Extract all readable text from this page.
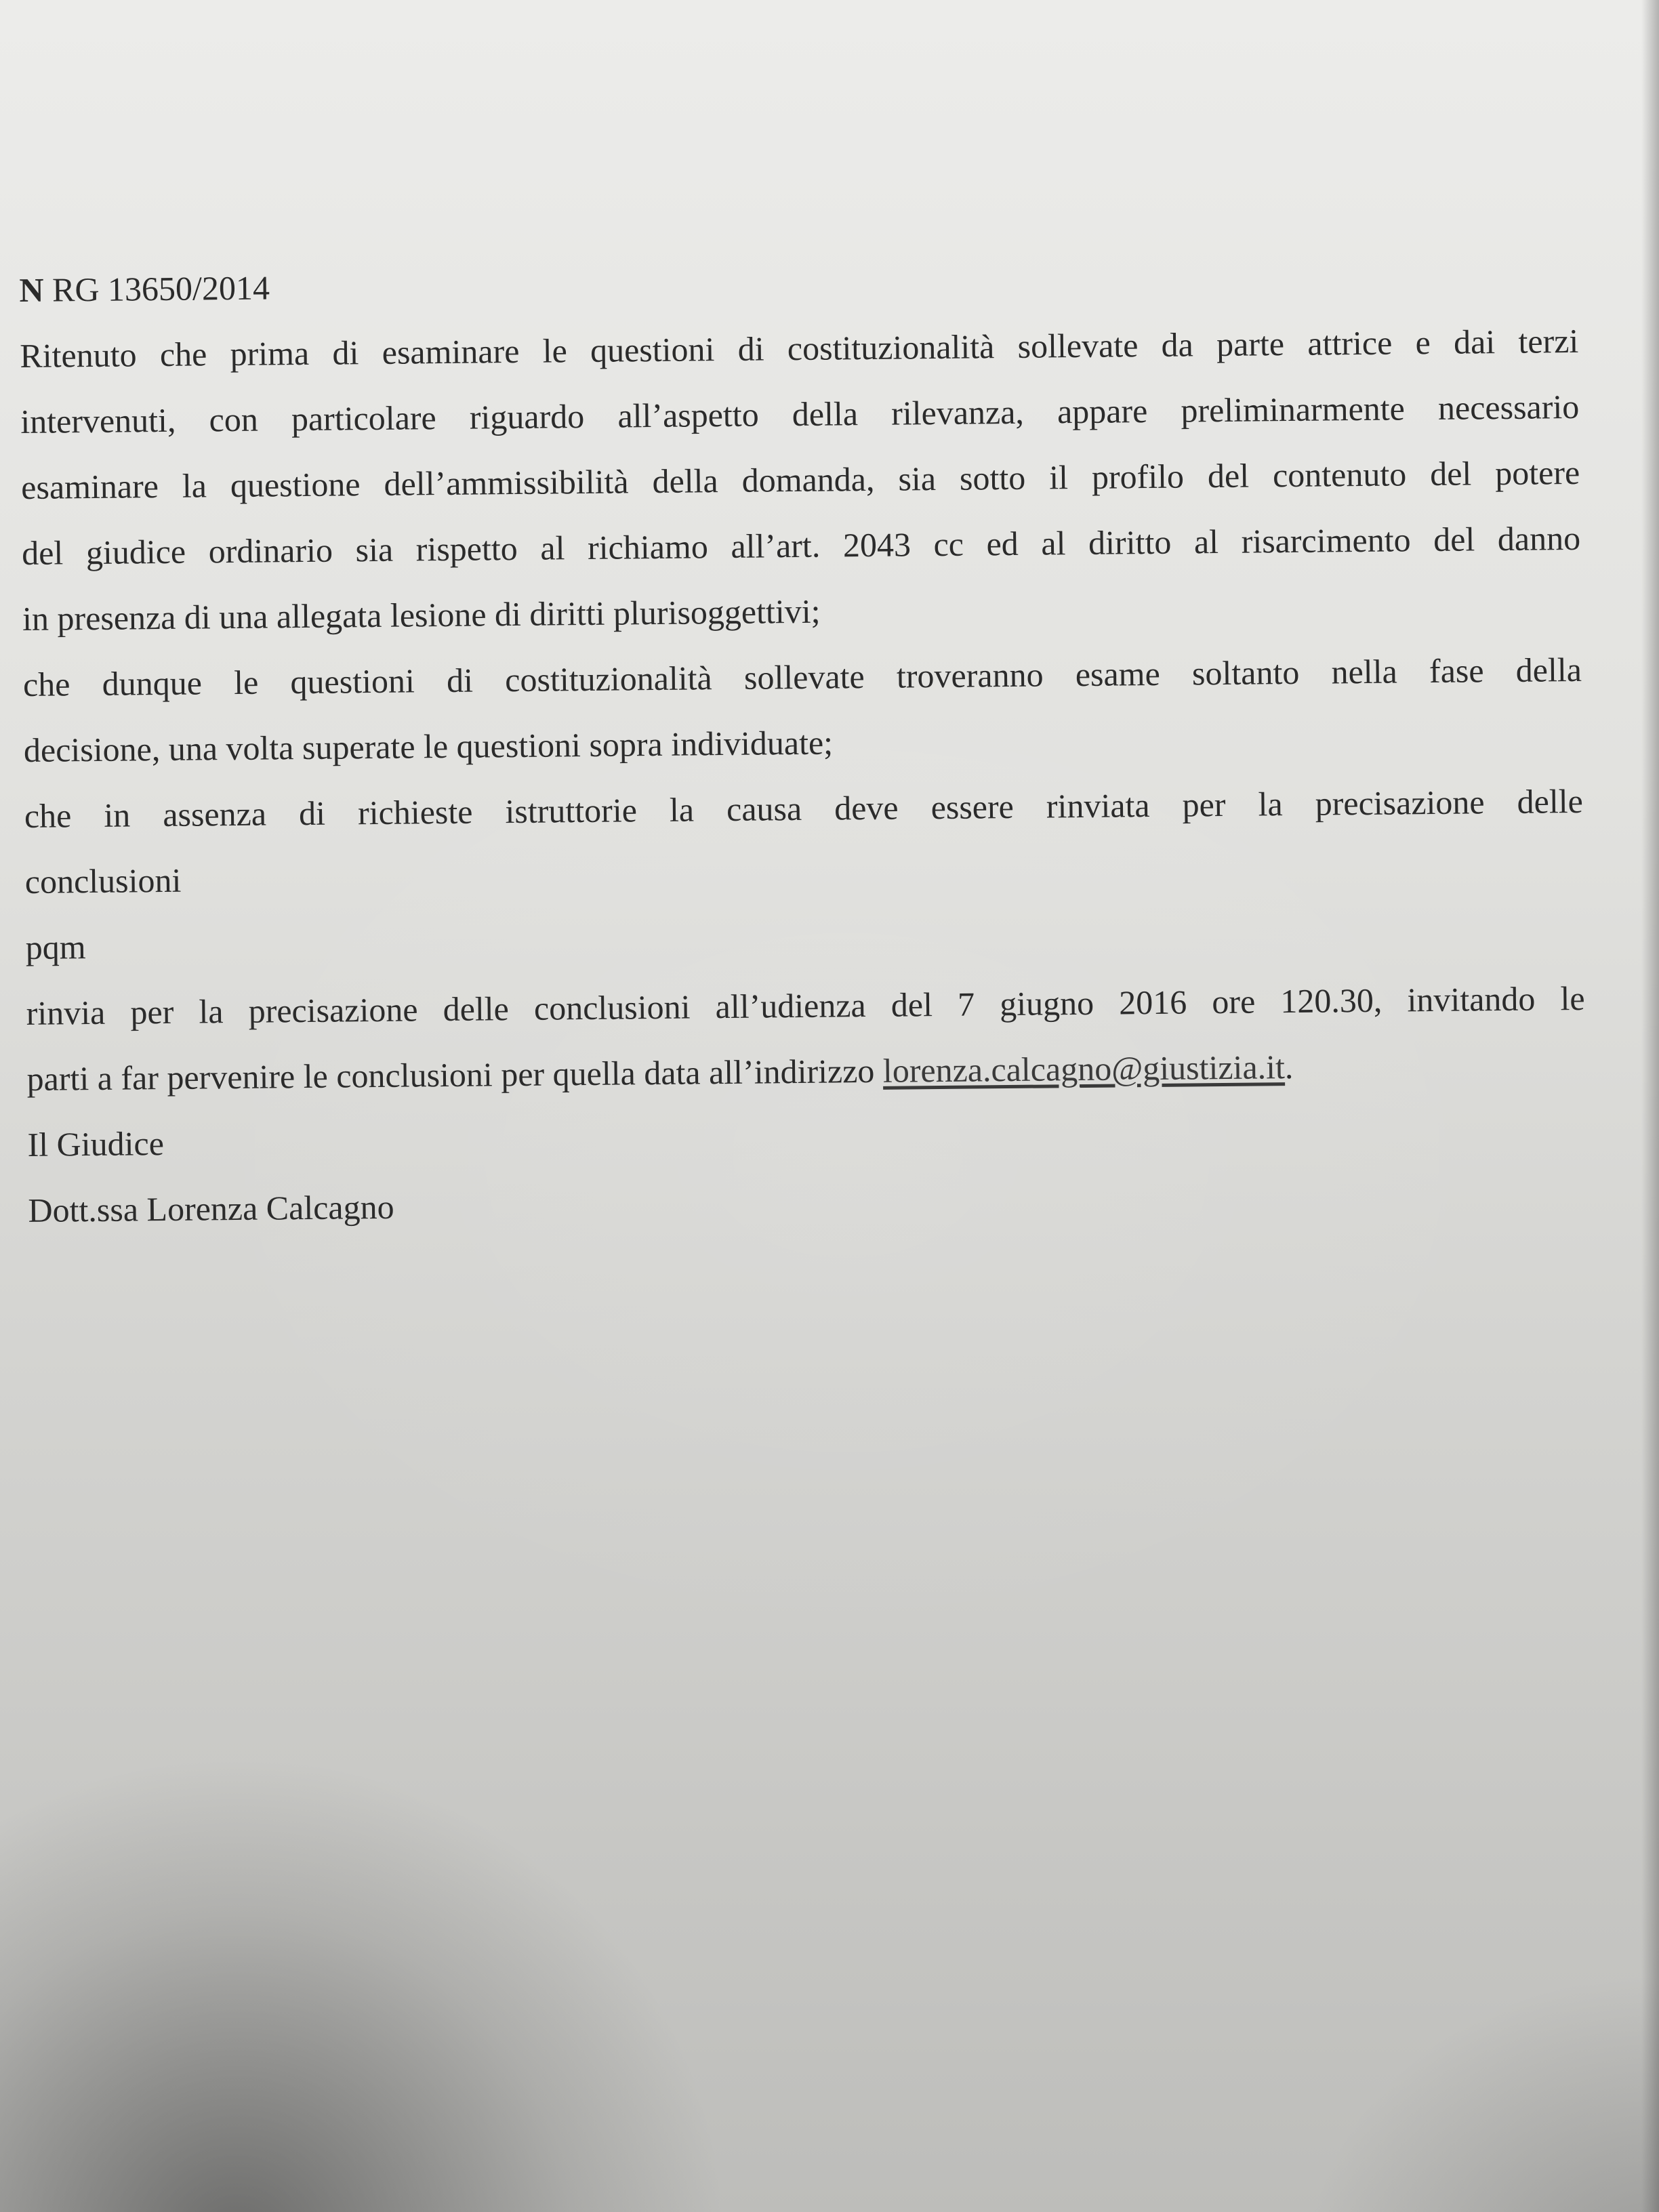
N RG 13650/2014
Ritenuto che prima di esaminare le questioni di costituzionalità sollevate da parte attrice e dai terzi
intervenuti, con particolare riguardo all’aspetto della rilevanza, appare preliminarmente necessario
esaminare la questione dell’ammissibilità della domanda, sia sotto il profilo del contenuto del potere
del giudice ordinario sia rispetto al richiamo all’art. 2043 cc ed al diritto al risarcimento del danno
in presenza di una allegata lesione di diritti plurisoggettivi;
che dunque le questioni di costituzionalità sollevate troveranno esame soltanto nella fase della
decisione, una volta superate le questioni sopra individuate;
che in assenza di richieste istruttorie la causa deve essere rinviata per la precisazione delle
conclusioni
pqm
rinvia per la precisazione delle conclusioni all’udienza del 7 giugno 2016 ore 120.30, invitando le
parti a far pervenire le conclusioni per quella data all’indirizzo lorenza.calcagno@giustizia.it.
Il Giudice
Dott.ssa Lorenza Calcagno
